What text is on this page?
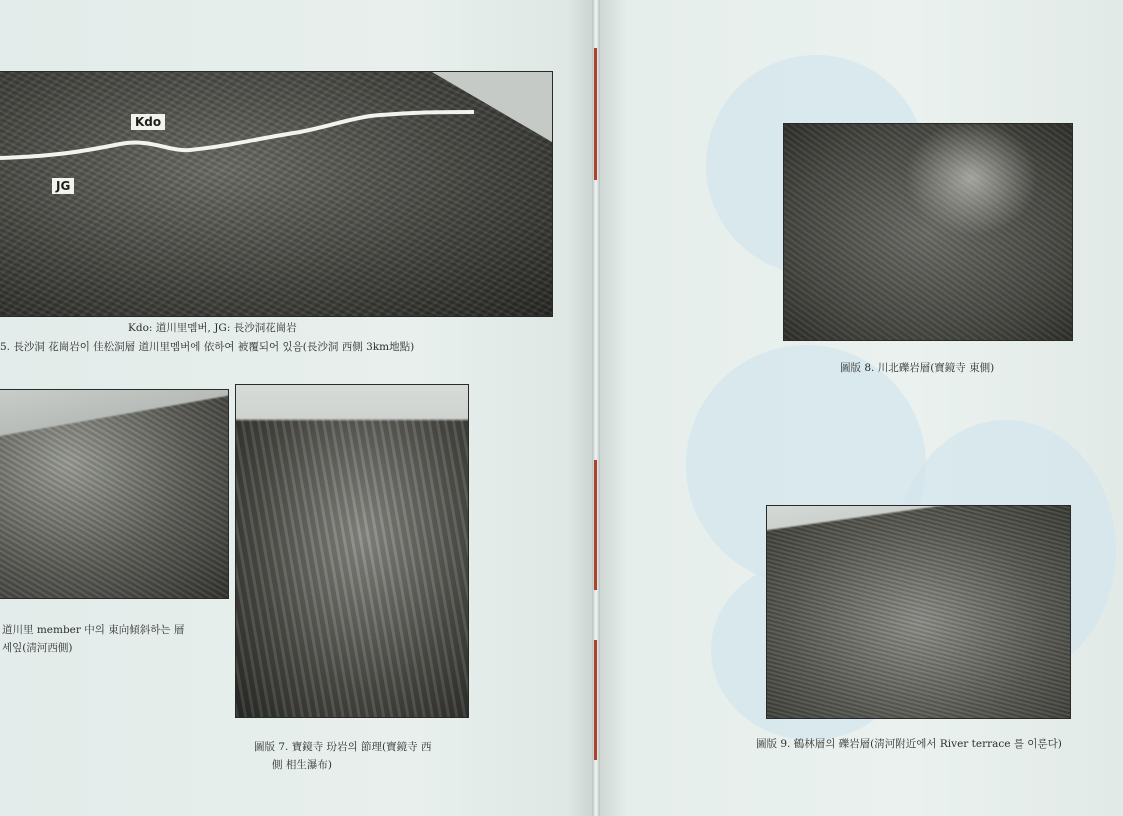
Kdo
JG
Kdo: 道川里멤버, JG: 長沙洞花崗岩
5. 長沙洞 花崗岩이 佳松洞層 道川里멤버에 依하여 被覆되어 있음(長沙洞 西側 3km地點)
道川里 member 中의 東向傾斜하는 層
세잎(淸河西側)
圖版 7. 寶鏡寺 玢岩의 節理(寶鏡寺 西
側 相生瀑布)
圖版 8. 川北礫岩層(寶鏡寺 東側)
圖版 9. 鶴林層의 礫岩層(淸河附近에서 River terrace 를 이룬다)
